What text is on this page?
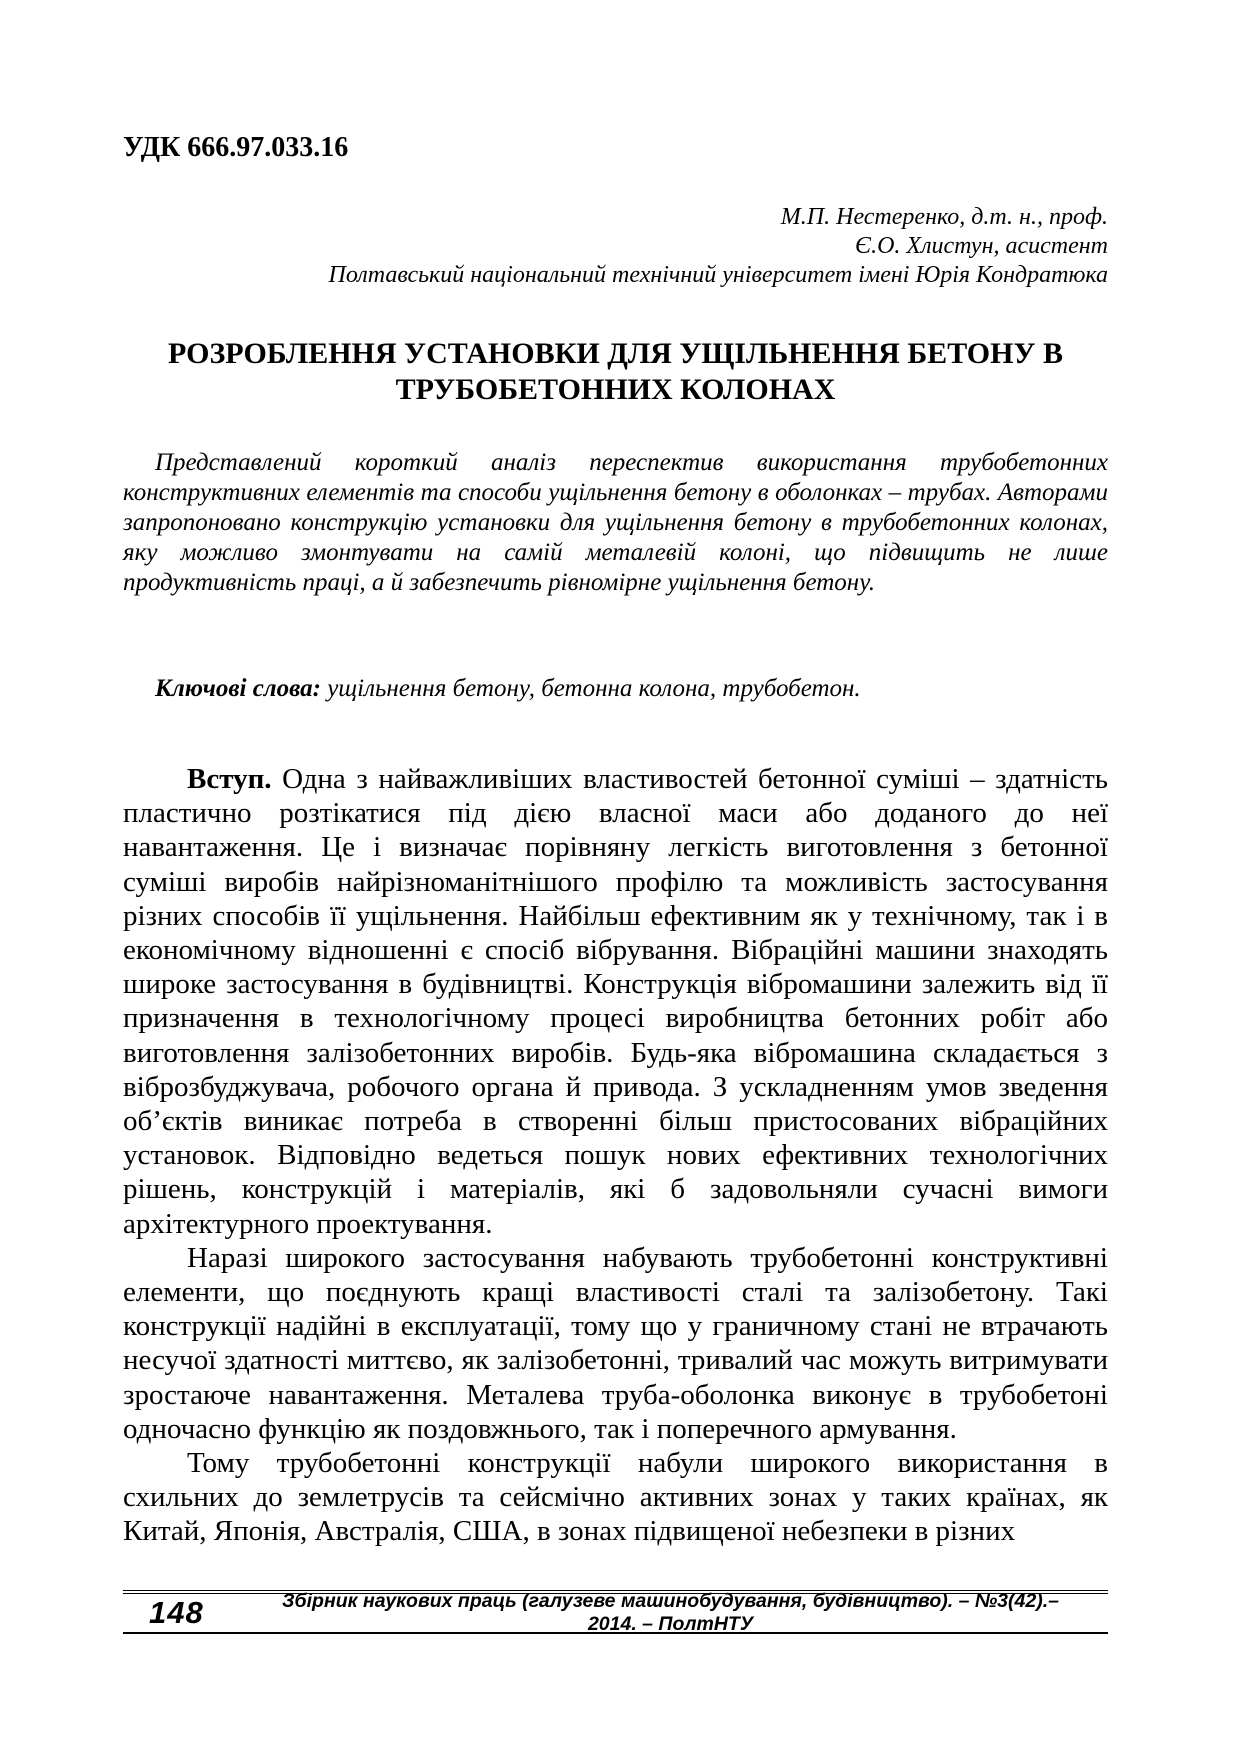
УДК 666.97.033.16
М.П. Нестеренко, д.т. н., проф.
Є.О. Хлистун, асистент
Полтавський національний технічний університет імені Юрія Кондратюка
РОЗРОБЛЕННЯ УСТАНОВКИ ДЛЯ УЩІЛЬНЕННЯ БЕТОНУ В
ТРУБОБЕТОННИХ КОЛОНАХ

Представлений короткий аналіз переспектив використання трубобетонних конструктивних елементів та способи ущільнення бетону в оболонках – трубах. Авторами запропоновано конструкцію установки для ущільнення бетону в трубобетонних колонах, яку можливо змонтувати на самій металевій колоні, що підвищить не лише продуктивність праці, а й забезпечить рівномірне ущільнення бетону.

Ключові слова: ущільнення бетону, бетонна колона, трубобетон.

Вступ. Одна з найважливіших властивостей бетонної суміші – здатність пластично розтікатися під дією власної маси або доданого до неї навантаження. Це і визначає порівняну легкість виготовлення з бетонної суміші виробів найрізноманітнішого профілю та можливість застосування різних способів її ущільнення. Найбільш ефективним як у технічному, так і в економічному відношенні є спосіб вібрування. Вібраційні машини знаходять широке застосування в будівництві. Конструкція вібромашини залежить від її призначення в технологічному процесі виробництва бетонних робіт або виготовлення залізобетонних виробів. Будь-яка вібромашина складається з віброзбуджувача, робочого органа й привода. З ускладненням умов зведення об’єктів виникає потреба в створенні більш пристосованих вібраційних установок. Відповідно ведеться пошук нових ефективних технологічних рішень, конструкцій і матеріалів, які б задовольняли сучасні вимоги архітектурного проектування.

Наразі широкого застосування набувають трубобетонні конструктивні елементи, що поєднують кращі властивості сталі та залізобетону. Такі конструкції надійні в експлуатації, тому що у граничному стані не втрачають несучої здатності миттєво, як залізобетонні, тривалий час можуть витримувати зростаюче навантаження. Металева труба-оболонка виконує в трубобетоні одночасно функцію як поздовжнього, так і поперечного армування.

Тому трубобетонні конструкції набули широкого використання в схильних до землетрусів та сейсмічно активних зонах у таких країнах, як Китай, Японія, Австралія, США, в зонах підвищеної небезпеки в різних

148	Збірник наукових праць (галузеве машинобудування, будівництво). – №3(42).– 2014. – ПолтНТУ
